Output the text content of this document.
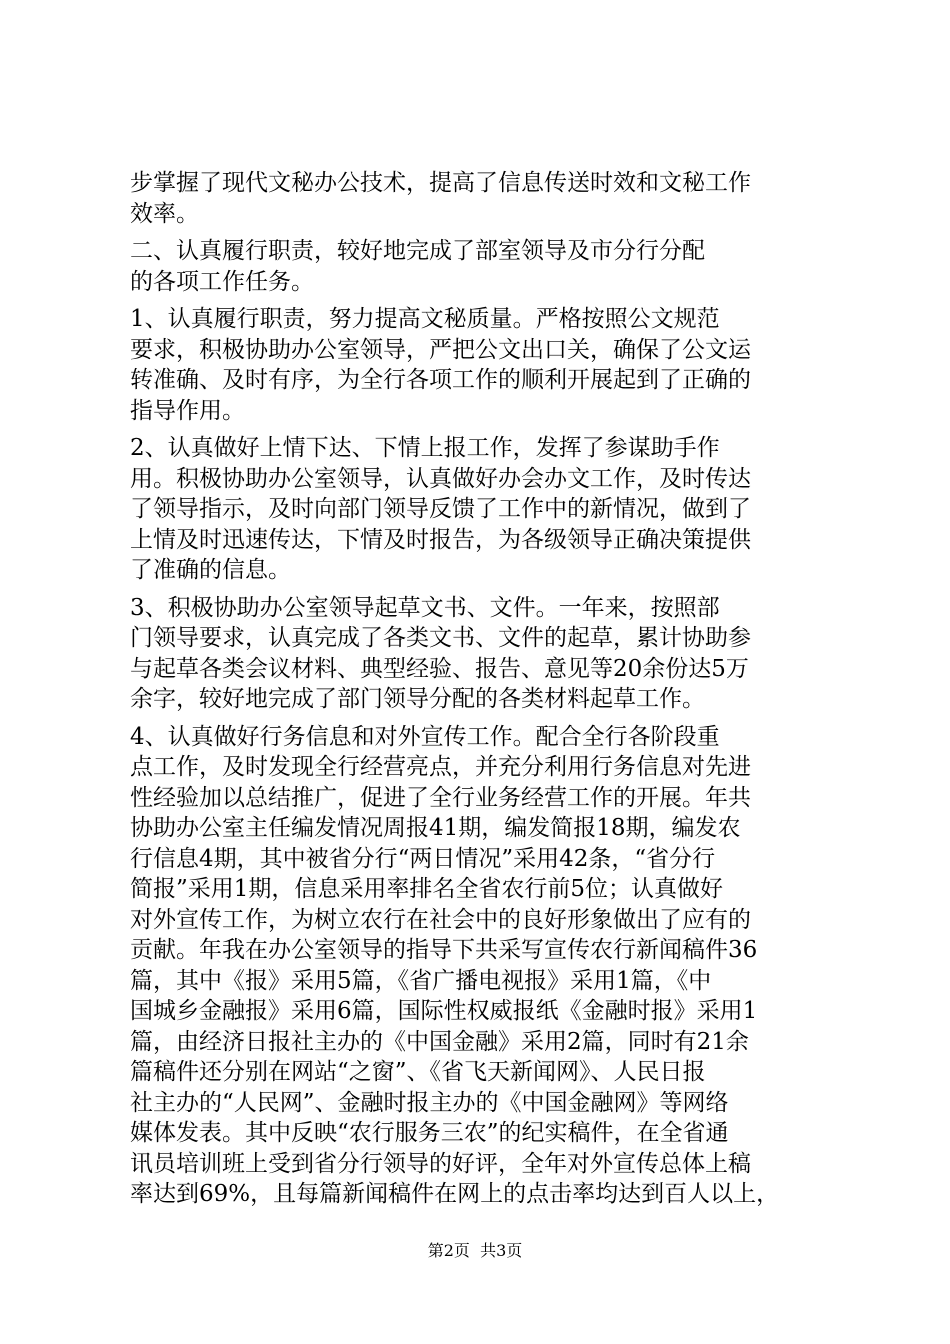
步掌握了现代文秘办公技术，提高了信息传送时效和文秘工作
效率。
二、认真履行职责，较好地完成了部室领导及市分行分配
的各项工作任务。
1、认真履行职责，努力提高文秘质量。严格按照公文规范
要求，积极协助办公室领导，严把公文出口关，确保了公文运
转准确、及时有序，为全行各项工作的顺利开展起到了正确的
指导作用。
2、认真做好上情下达、下情上报工作，发挥了参谋助手作
用。积极协助办公室领导，认真做好办会办文工作，及时传达
了领导指示，及时向部门领导反馈了工作中的新情况，做到了
上情及时迅速传达，下情及时报告，为各级领导正确决策提供
了准确的信息。
3、积极协助办公室领导起草文书、文件。一年来，按照部
门领导要求，认真完成了各类文书、文件的起草，累计协助参
与起草各类会议材料、典型经验、报告、意见等20余份达5万
余字，较好地完成了部门领导分配的各类材料起草工作。
4、认真做好行务信息和对外宣传工作。配合全行各阶段重
点工作，及时发现全行经营亮点，并充分利用行务信息对先进
性经验加以总结推广，促进了全行业务经营工作的开展。年共
协助办公室主任编发情况周报41期，编发简报18期，编发农
行信息4期，其中被省分行“两日情况”采用42条，“省分行
简报”采用1期，信息采用率排名全省农行前5位；认真做好
对外宣传工作，为树立农行在社会中的良好形象做出了应有的
贡献。年我在办公室领导的指导下共采写宣传农行新闻稿件36
篇，其中《报》采用5篇，《省广播电视报》采用1篇，《中
国城乡金融报》采用6篇，国际性权威报纸《金融时报》采用1
篇，由经济日报社主办的《中国金融》采用2篇，同时有21余
篇稿件还分别在网站“之窗”、《省飞天新闻网》、人民日报
社主办的“人民网”、金融时报主办的《中国金融网》等网络
媒体发表。其中反映“农行服务三农”的纪实稿件，在全省通
讯员培训班上受到省分行领导的好评，全年对外宣传总体上稿
率达到69%，且每篇新闻稿件在网上的点击率均达到百人以上，
第2页  共3页
